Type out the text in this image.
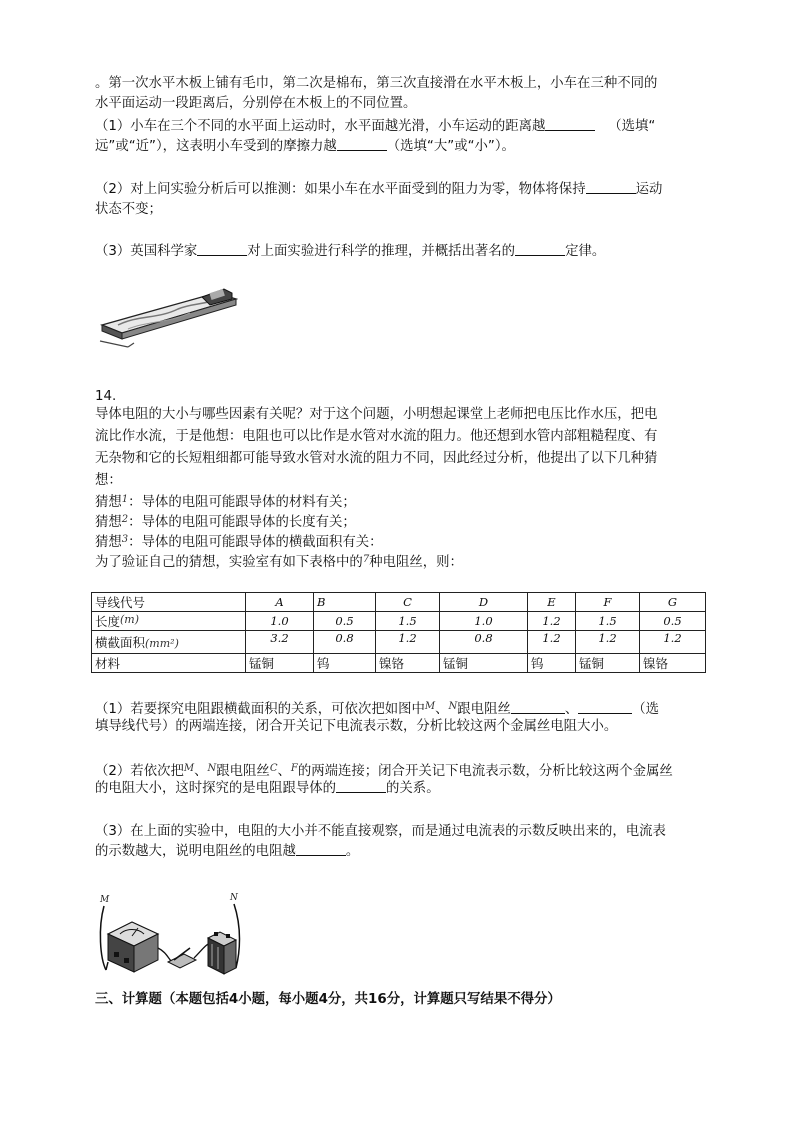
。第一次水平木板上铺有毛巾，第二次是棉布，第三次直接滑在水平木板上，小车在三种不同的
水平面运动一段距离后，分别停在木板上的不同位置。
（1）小车在三个不同的水平面上运动时，水平面越光滑，小车运动的距离越	（选填“
远”或“近”），这表明小车受到的摩擦力越	（选填“大”或“小”）。
（2）对上问实验分析后可以推测：如果小车在水平面受到的阻力为零，物体将保持	运动
状态不变；
（3）英国科学家	对上面实验进行科学的推理，并概括出著名的	定律。
14.
导体电阻的大小与哪些因素有关呢？对于这个问题，小明想起课堂上老师把电压比作水压，把电
流比作水流，于是他想：电阻也可以比作是水管对水流的阻力。他还想到水管内部粗糙程度、有
无杂物和它的长短粗细都可能导致水管对水流的阻力不同，因此经过分析，他提出了以下几种猜
想：
猜想$^1$：导体的电阻可能跟导体的材料有关；
猜想$^2$：导体的电阻可能跟导体的长度有关；
猜想$^3$：导体的电阻可能跟导体的横截面积有关：
为了验证自己的猜想，实验室有如下表格中的$^7$种电阻丝，则：
导线代号	A	B	C	D	E	F	G
长度(m)	1.0	0.5	1.5	1.0	1.2	1.5	0.5
横截面积(mm²)	3.2	0.8	1.2	0.8	1.2	1.2	1.2
材料	锰铜	钨	镍铬	锰铜	钨	锰铜	镍铬
（1）若要探究电阻跟横截面积的关系，可依次把如图中$^M$、$^N$跟电阻丝	、	（选
填导线代号）的两端连接，闭合开关记下电流表示数，分析比较这两个金属丝电阻大小。
（2）若依次把$^M$、$^N$跟电阻丝$^C$、$^F$的两端连接；闭合开关记下电流表示数，分析比较这两个金属丝
的电阻大小，这时探究的是电阻跟导体的	的关系。
（3）在上面的实验中，电阻的大小并不能直接观察，而是通过电流表的示数反映出来的，电流表
的示数越大，说明电阻丝的电阻越	。
M	N
三、计算题（本题包括4小题，每小题4分，共16分，计算题只写结果不得分）
